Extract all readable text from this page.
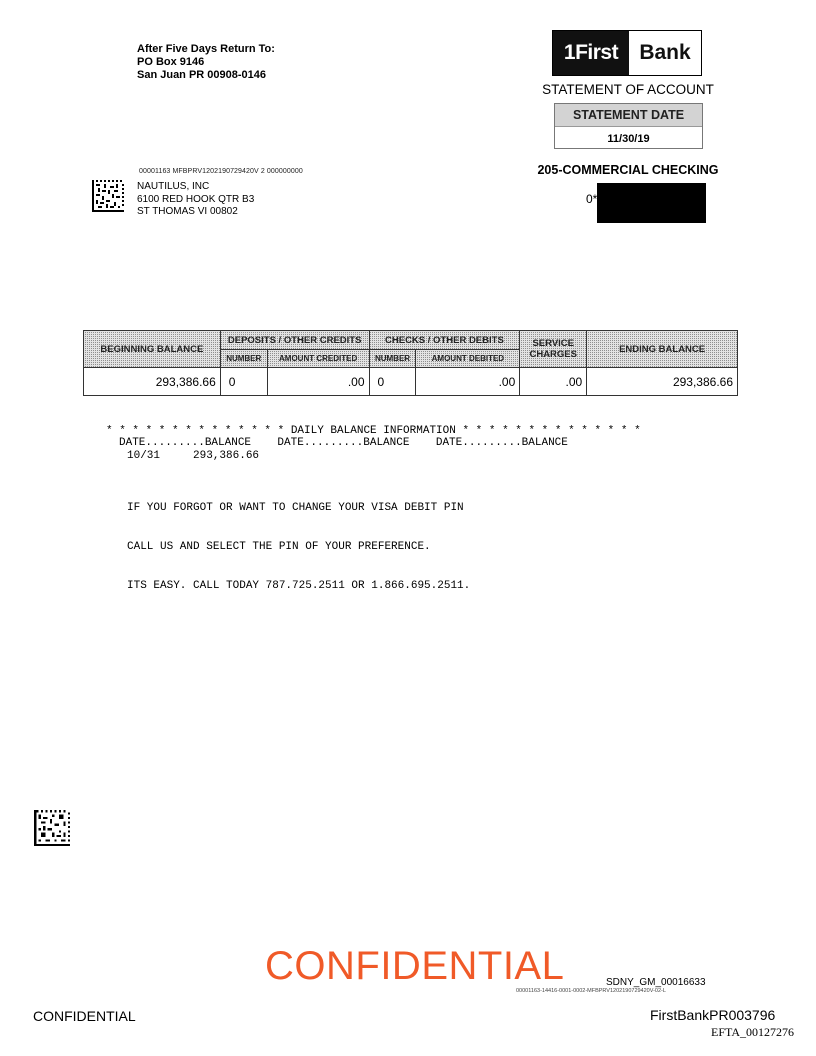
After Five Days Return To:
PO Box 9146
San Juan PR 00908-0146
1First	Bank
STATEMENT OF ACCOUNT
STATEMENT DATE
11/30/19
205-COMMERCIAL CHECKING
0*
00001163 MFBPRV1202190729420V 2 000000000
NAUTILUS, INC
6100 RED HOOK QTR B3
ST THOMAS VI 00802
BEGINNING BALANCE	DEPOSITS / OTHER CREDITS		CHECKS / OTHER DEBITS		SERVICE
CHARGES	ENDING BALANCE
	NUMBER	AMOUNT CREDITED	NUMBER	AMOUNT DEBITED		
293,386.66	0	.00	0	.00	.00	293,386.66
* * * * * * * * * * * * * * DAILY BALANCE INFORMATION * * * * * * * * * * * * * *
DATE.........BALANCE    DATE.........BALANCE    DATE.........BALANCE
10/31     293,386.66

IF YOU FORGOT OR WANT TO CHANGE YOUR VISA DEBIT PIN

CALL US AND SELECT THE PIN OF YOUR PREFERENCE.

ITS EASY. CALL TODAY 787.725.2511 OR 1.866.695.2511.

CONFIDENTIAL	SDNY_GM_00016633
00001163-14416-0001-0002-MFBPRV1202190729420V-02-L
CONFIDENTIAL	FirstBankPR003796
EFTA_00127276
